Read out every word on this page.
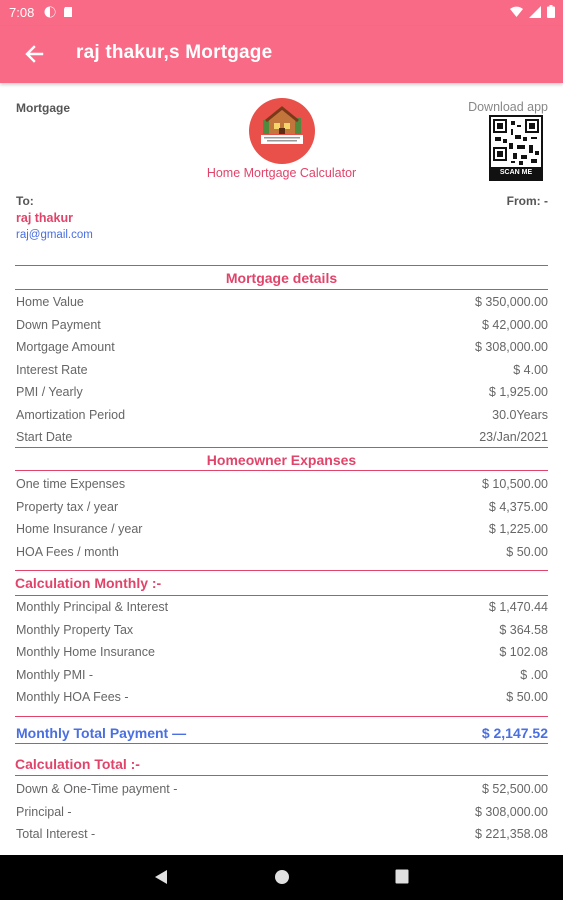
7:08
raj thakur,s Mortgage
Mortgage
Home Mortgage Calculator
Download app
SCAN ME
To:	From: -
raj thakur
raj@gmail.com
Mortgage details
Home Value	$ 350,000.00
Down Payment	$ 42,000.00
Mortgage Amount	$ 308,000.00
Interest Rate	$ 4.00
PMI / Yearly	$ 1,925.00
Amortization Period	30.0Years
Start Date	23/Jan/2021
Homeowner Expanses
One time Expenses	$ 10,500.00
Property tax / year	$ 4,375.00
Home Insurance / year	$ 1,225.00
HOA Fees / month	$ 50.00
Calculation Monthly :-
Monthly Principal & Interest	$ 1,470.44
Monthly Property Tax	$ 364.58
Monthly Home Insurance	$ 102.08
Monthly PMI -	$ .00
Monthly HOA Fees -	$ 50.00
Monthly Total Payment —	$ 2,147.52
Calculation Total :-
Down & One-Time payment -	$ 52,500.00
Principal -	$ 308,000.00
Total Interest -	$ 221,358.08
